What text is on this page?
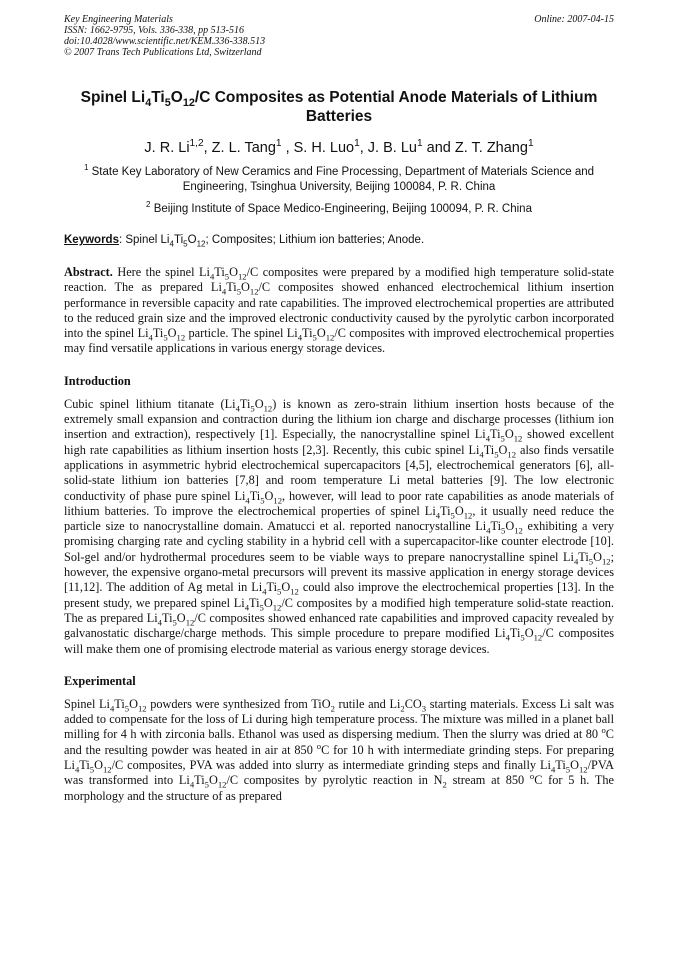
Key Engineering Materials
ISSN: 1662-9795, Vols. 336-338, pp 513-516
doi:10.4028/www.scientific.net/KEM.336-338.513
© 2007 Trans Tech Publications Ltd, Switzerland
Online: 2007-04-15
Spinel $Li_4Ti_5O_{12}/C$ Composites as Potential Anode Materials of Lithium Batteries
J. R. Li$^{1,2}$, Z. L. Tang$^1$ , S. H. Luo$^1$, J. B. Lu$^1$ and Z. T. Zhang$^1$
$^1$ State Key Laboratory of New Ceramics and Fine Processing, Department of Materials Science and Engineering, Tsinghua University, Beijing 100084, P. R. China
$^2$ Beijing Institute of Space Medico-Engineering, Beijing 100094, P. R. China
Keywords: Spinel $Li_4Ti_5O_{12}$; Composites; Lithium ion batteries; Anode.

Abstract. Here the spinel $Li_4Ti_5O_{12}/C$ composites were prepared by a modified high temperature solid-state reaction. The as prepared $Li_4Ti_5O_{12}/C$ composites showed enhanced electrochemical lithium insertion performance in reversible capacity and rate capabilities. The improved electrochemical properties are attributed to the reduced grain size and the improved electronic conductivity caused by the pyrolytic carbon incorporated into the spinel $Li_4Ti_5O_{12}$ particle. The spinel $Li_4Ti_5O_{12}/C$ composites with improved electrochemical properties may find versatile applications in various energy storage devices.

Introduction

Cubic spinel lithium titanate $(Li_4Ti_5O_{12})$ is known as zero-strain lithium insertion hosts because of the extremely small expansion and contraction during the lithium ion charge and discharge processes (lithium ion insertion and extraction), respectively [1]. Especially, the nanocrystalline spinel $Li_4Ti_5O_{12}$ showed excellent high rate capabilities as lithium insertion hosts [2,3]. Recently, this cubic spinel $Li_4Ti_5O_{12}$ also finds versatile applications in asymmetric hybrid electrochemical supercapacitors [4,5], electrochemical generators [6], all-solid-state lithium ion batteries [7,8] and room temperature Li metal batteries [9]. The low electronic conductivity of phase pure spinel $Li_4Ti_5O_{12}$, however, will lead to poor rate capabilities as anode materials of lithium batteries. To improve the electrochemical properties of spinel $Li_4Ti_5O_{12}$, it usually need reduce the particle size to nanocrystalline domain. Amatucci et al. reported nanocrystalline $Li_4Ti_5O_{12}$ exhibiting a very promising charging rate and cycling stability in a hybrid cell with a supercapacitor-like counter electrode [10]. Sol-gel and/or hydrothermal procedures seem to be viable ways to prepare nanocrystalline spinel $Li_4Ti_5O_{12}$; however, the expensive organo-metal precursors will prevent its massive application in energy storage devices [11,12]. The addition of Ag metal in $Li_4Ti_5O_{12}$ could also improve the electrochemical properties [13]. In the present study, we prepared spinel $Li_4Ti_5O_{12}/C$ composites by a modified high temperature solid-state reaction. The as prepared $Li_4Ti_5O_{12}/C$ composites showed enhanced rate capabilities and improved capacity revealed by galvanostatic discharge/charge methods. This simple procedure to prepare modified $Li_4Ti_5O_{12}/C$ composites will make them one of promising electrode material as various energy storage devices.

Experimental

Spinel $Li_4Ti_5O_{12}$ powders were synthesized from TiO$_2$ rutile and $Li_2CO_3$ starting materials. Excess Li salt was added to compensate for the loss of Li during high temperature process. The mixture was milled in a planet ball milling for 4 h with zirconia balls. Ethanol was used as dispersing medium. Then the slurry was dried at 80 $^o$C and the resulting powder was heated in air at 850 $^o$C for 10 h with intermediate grinding steps. For preparing $Li_4Ti_5O_{12}/C$ composites, PVA was added into slurry as intermediate grinding steps and finally $Li_4Ti_5O_{12}$/PVA was transformed into $Li_4Ti_5O_{12}/C$ composites by pyrolytic reaction in $N_2$ stream at 850 $^o$C for 5 h. The morphology and the structure of as prepared
